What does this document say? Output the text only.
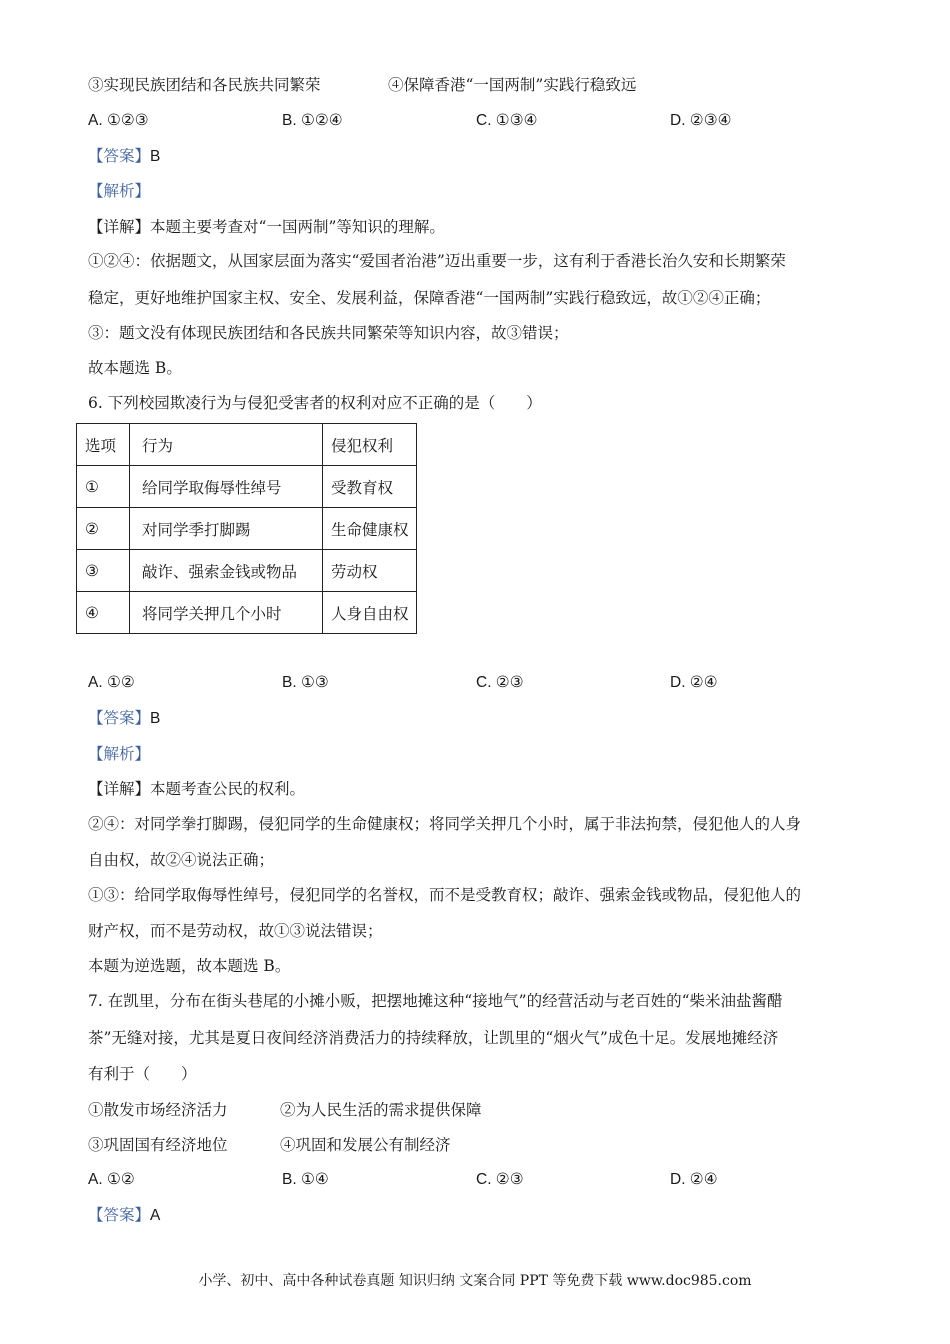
③实现民族团结和各民族共同繁荣	④保障香港“一国两制”实践行稳致远
A. ①②③	B. ①②④	C. ①③④	D. ②③④
【答案】B
【解析】
【详解】本题主要考查对“一国两制”等知识的理解。
①②④：依据题文，从国家层面为落实“爱国者治港”迈出重要一步，这有利于香港长治久安和长期繁荣
稳定，更好地维护国家主权、安全、发展利益，保障香港“一国两制”实践行稳致远，故①②④正确；
③：题文没有体现民族团结和各民族共同繁荣等知识内容，故③错误；
故本题选 B。
6. 下列校园欺凌行为与侵犯受害者的权利对应不正确的是（　　）
选项	行为	侵犯权利
①	给同学取侮辱性绰号	受教育权
②	对同学季打脚踢	生命健康权
③	敲诈、强索金钱或物品	劳动权
④	将同学关押几个小时	人身自由权
A. ①②	B. ①③	C. ②③	D. ②④
【答案】B
【解析】
【详解】本题考查公民的权利。
②④：对同学拳打脚踢，侵犯同学的生命健康权；将同学关押几个小时，属于非法拘禁，侵犯他人的人身
自由权，故②④说法正确；
①③：给同学取侮辱性绰号，侵犯同学的名誉权，而不是受教育权；敲诈、强索金钱或物品，侵犯他人的
财产权，而不是劳动权，故①③说法错误；
本题为逆选题，故本题选 B。
7. 在凯里，分布在街头巷尾的小摊小贩，把摆地摊这种“接地气”的经营活动与老百姓的“柴米油盐酱醋
茶”无缝对接，尤其是夏日夜间经济消费活力的持续释放，让凯里的“烟火气”成色十足。发展地摊经济
有利于（　　）
①散发市场经济活力	②为人民生活的需求提供保障
③巩固国有经济地位	④巩固和发展公有制经济
A. ①②	B. ①④	C. ②③	D. ②④
【答案】A
小学、初中、高中各种试卷真题 知识归纳 文案合同 PPT 等免费下载 www.doc985.com
